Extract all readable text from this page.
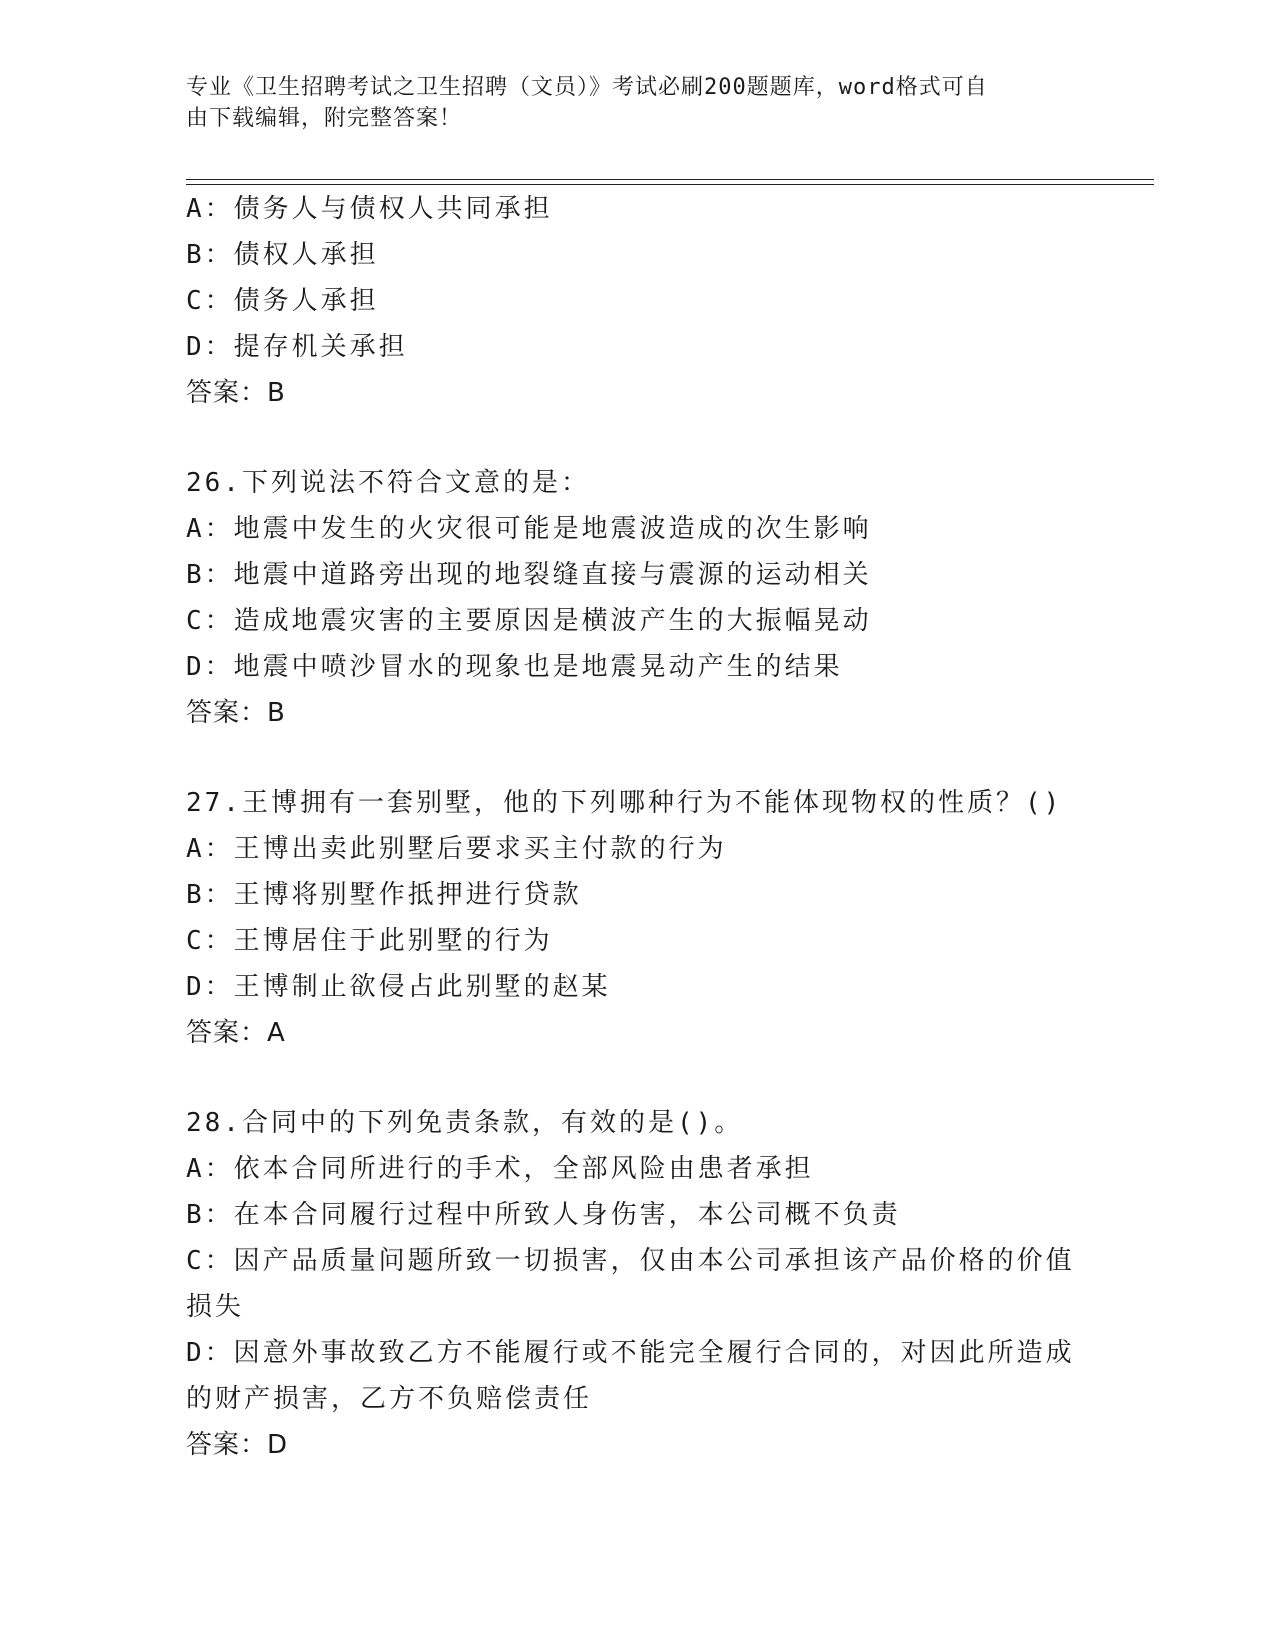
专业《卫生招聘考试之卫生招聘（文员）》考试必刷200题题库，word格式可自

由下载编辑，附完整答案！

A：债务人与债权人共同承担

B：债权人承担

C：债务人承担

D：提存机关承担

答案：B

26.下列说法不符合文意的是：

A：地震中发生的火灾很可能是地震波造成的次生影响

B：地震中道路旁出现的地裂缝直接与震源的运动相关

C：造成地震灾害的主要原因是横波产生的大振幅晃动

D：地震中喷沙冒水的现象也是地震晃动产生的结果

答案：B

27.王博拥有一套别墅，他的下列哪种行为不能体现物权的性质？()

A：王博出卖此别墅后要求买主付款的行为

B：王博将别墅作抵押进行贷款

C：王博居住于此别墅的行为

D：王博制止欲侵占此别墅的赵某

答案：A

28.合同中的下列免责条款，有效的是()。

A：依本合同所进行的手术，全部风险由患者承担

B：在本合同履行过程中所致人身伤害，本公司概不负责

C：因产品质量问题所致一切损害，仅由本公司承担该产品价格的价值

损失

D：因意外事故致乙方不能履行或不能完全履行合同的，对因此所造成

的财产损害，乙方不负赔偿责任

答案：D
